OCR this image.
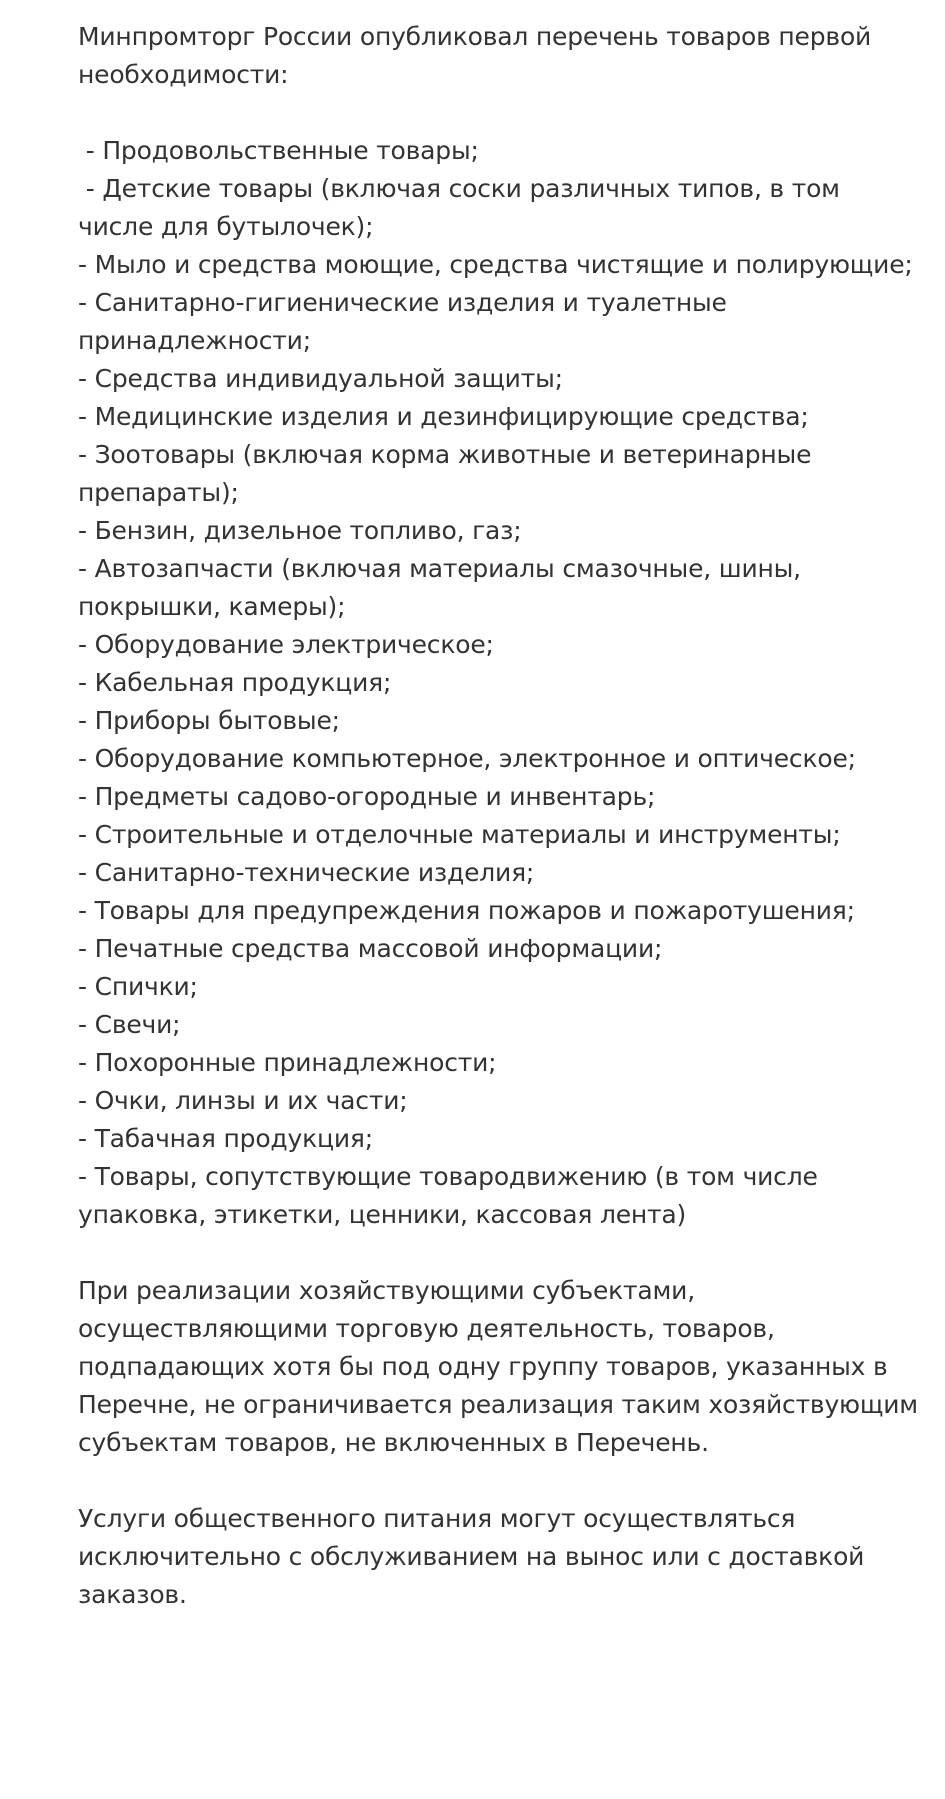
Минпромторг России опубликовал перечень товаров первой необходимости:

- Продовольственные товары;
- Детские товары (включая соски различных типов, в том числе для бутылочек);
- Мыло и средства моющие, средства чистящие и полирующие;
- Санитарно-гигиенические изделия и туалетные принадлежности;
- Средства индивидуальной защиты;
- Медицинские изделия и дезинфицирующие средства;
- Зоотовары (включая корма животные и ветеринарные препараты);
- Бензин, дизельное топливо, газ;
- Автозапчасти (включая материалы смазочные, шины, покрышки, камеры);
- Оборудование электрическое;
- Кабельная продукция;
- Приборы бытовые;
- Оборудование компьютерное, электронное и оптическое;
- Предметы садово-огородные и инвентарь;
- Строительные и отделочные материалы и инструменты;
- Санитарно-технические изделия;
- Товары для предупреждения пожаров и пожаротушения;
- Печатные средства массовой информации;
- Спички;
- Свечи;
- Похоронные принадлежности;
- Очки, линзы и их части;
- Табачная продукция;
- Товары, сопутствующие товародвижению (в том числе упаковка, этикетки, ценники, кассовая лента)

При реализации хозяйствующими субъектами, осуществляющими торговую деятельность, товаров, подпадающих хотя бы под одну группу товаров, указанных в Перечне, не ограничивается реализация таким хозяйствующим субъектам товаров, не включенных в Перечень.

Услуги общественного питания могут осуществляться исключительно с обслуживанием на вынос или с доставкой заказов.
